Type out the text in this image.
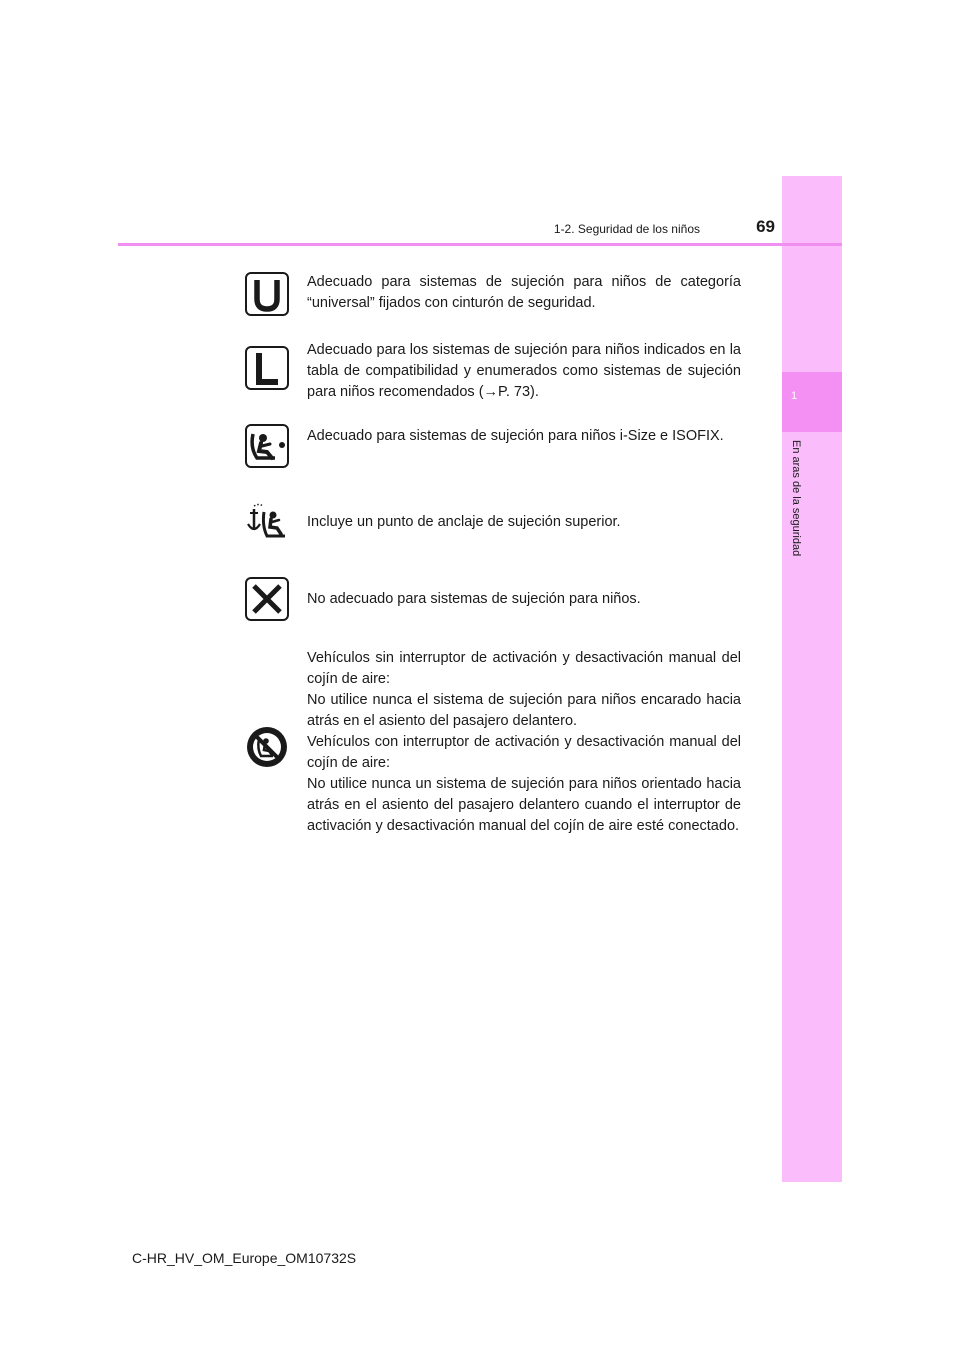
1
En aras de la seguridad
1-2. Seguridad de los niños	69

Adecuado para sistemas de sujeción para niños de categoría “universal” fijados con cinturón de seguridad.

Adecuado para los sistemas de sujeción para niños indicados en la tabla de compatibilidad y enumerados como sistemas de sujeción para niños recomendados (→P. 73).

Adecuado para sistemas de sujeción para niños i-Size e ISOFIX.

Incluye un punto de anclaje de sujeción superior.

No adecuado para sistemas de sujeción para niños.

Vehículos sin interruptor de activación y desactivación manual del cojín de aire:

No utilice nunca el sistema de sujeción para niños encarado hacia atrás en el asiento del pasajero delantero.

Vehículos con interruptor de activación y desactivación manual del cojín de aire:

No utilice nunca un sistema de sujeción para niños orientado hacia atrás en el asiento del pasajero delantero cuando el interruptor de activación y desactivación manual del cojín de aire esté conectado.

C-HR_HV_OM_Europe_OM10732S
